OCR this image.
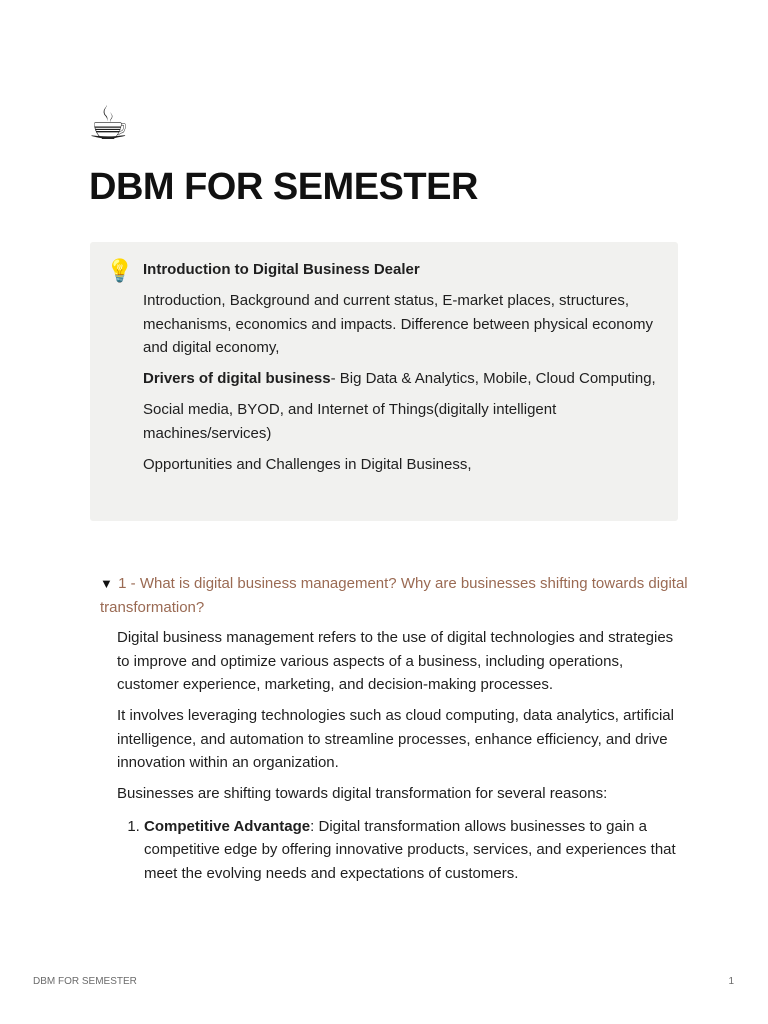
☕
DBM FOR SEMESTER
💡 Introduction to Digital Business Dealer

Introduction, Background and current status, E-market places, structures, mechanisms, economics and impacts. Difference between physical economy and digital economy,

Drivers of digital business- Big Data & Analytics, Mobile, Cloud Computing,

Social media, BYOD, and Internet of Things(digitally intelligent machines/services)

Opportunities and Challenges in Digital Business,

▼ 1 - What is digital business management? Why are businesses shifting towards digital transformation?

Digital business management refers to the use of digital technologies and strategies to improve and optimize various aspects of a business, including operations, customer experience, marketing, and decision-making processes.

It involves leveraging technologies such as cloud computing, data analytics, artificial intelligence, and automation to streamline processes, enhance efficiency, and drive innovation within an organization.

Businesses are shifting towards digital transformation for several reasons:

1. Competitive Advantage: Digital transformation allows businesses to gain a competitive edge by offering innovative products, services, and experiences that meet the evolving needs and expectations of customers.
DBM FOR SEMESTER	1
